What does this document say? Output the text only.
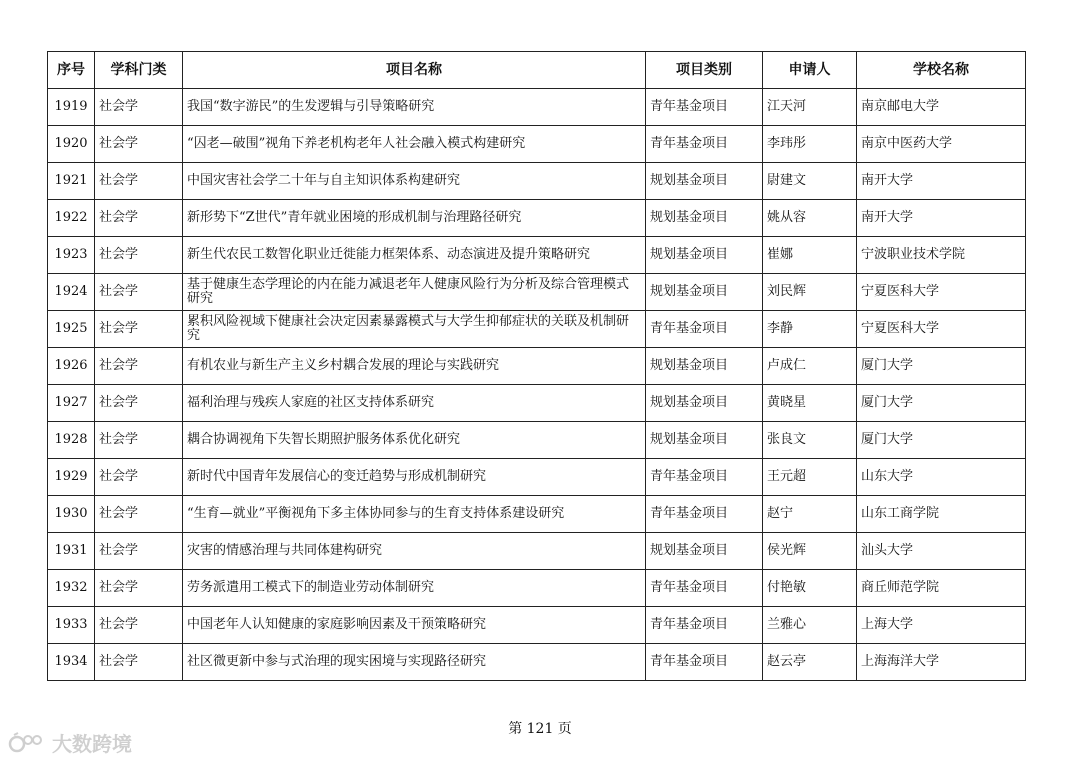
序号	学科门类	项目名称	项目类别	申请人	学校名称
1919	社会学	我国“数字游民”的生发逻辑与引导策略研究	青年基金项目	江天河	南京邮电大学
1920	社会学	“囚老—破围”视角下养老机构老年人社会融入模式构建研究	青年基金项目	李玮彤	南京中医药大学
1921	社会学	中国灾害社会学二十年与自主知识体系构建研究	规划基金项目	尉建文	南开大学
1922	社会学	新形势下“Z世代”青年就业困境的形成机制与治理路径研究	规划基金项目	姚从容	南开大学
1923	社会学	新生代农民工数智化职业迁徙能力框架体系、动态演进及提升策略研究	规划基金项目	崔娜	宁波职业技术学院
1924	社会学	基于健康生态学理论的内在能力减退老年人健康风险行为分析及综合管理模式研究	规划基金项目	刘民辉	宁夏医科大学
1925	社会学	累积风险视域下健康社会决定因素暴露模式与大学生抑郁症状的关联及机制研究	青年基金项目	李静	宁夏医科大学
1926	社会学	有机农业与新生产主义乡村耦合发展的理论与实践研究	规划基金项目	卢成仁	厦门大学
1927	社会学	福利治理与残疾人家庭的社区支持体系研究	规划基金项目	黄晓星	厦门大学
1928	社会学	耦合协调视角下失智长期照护服务体系优化研究	规划基金项目	张良文	厦门大学
1929	社会学	新时代中国青年发展信心的变迁趋势与形成机制研究	青年基金项目	王元超	山东大学
1930	社会学	“生育—就业”平衡视角下多主体协同参与的生育支持体系建设研究	青年基金项目	赵宁	山东工商学院
1931	社会学	灾害的情感治理与共同体建构研究	规划基金项目	侯光辉	汕头大学
1932	社会学	劳务派遣用工模式下的制造业劳动体制研究	青年基金项目	付艳敏	商丘师范学院
1933	社会学	中国老年人认知健康的家庭影响因素及干预策略研究	青年基金项目	兰雅心	上海大学
1934	社会学	社区微更新中参与式治理的现实困境与实现路径研究	青年基金项目	赵云亭	上海海洋大学
第 121 页
大数跨境
